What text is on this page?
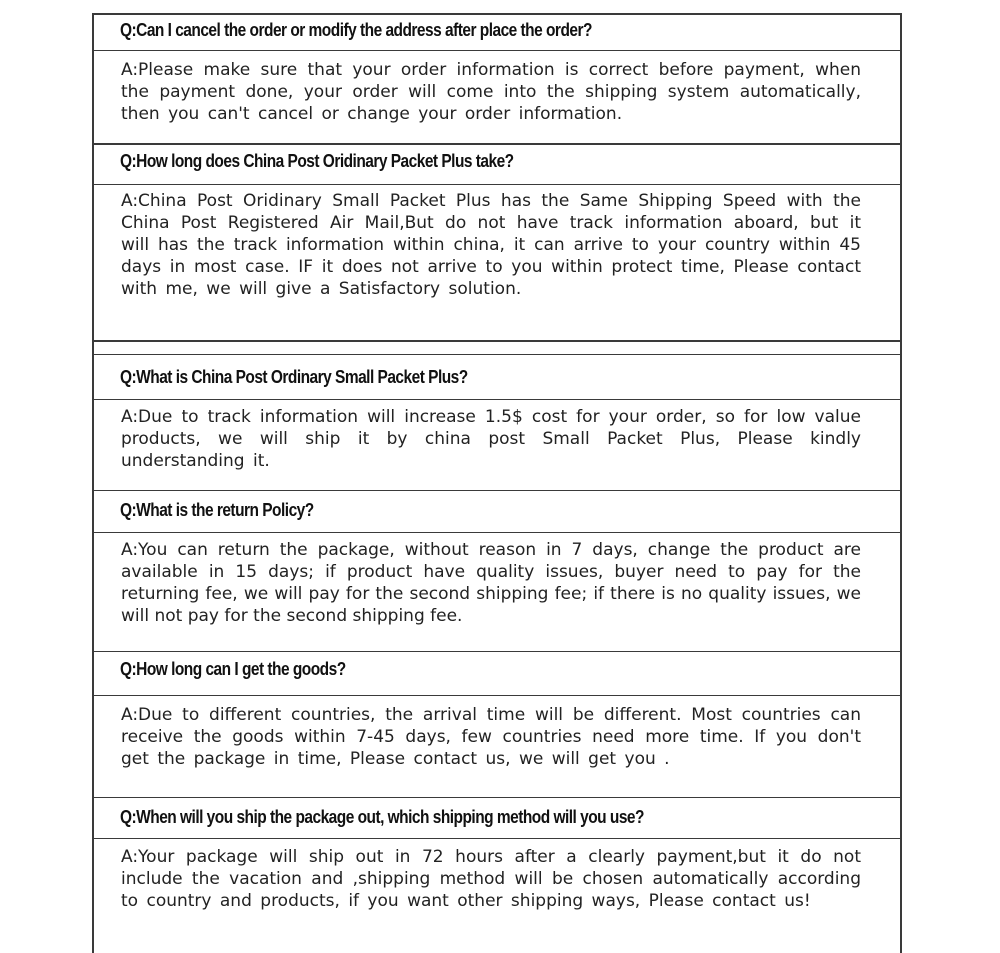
Q:Can I cancel the order or modify the address after place the order?
A:Please make sure that your order information is correct before payment, when the payment done, your order will come into the shipping system automatically, then you can't cancel or change your order information.
Q:How long does China Post Oridinary Packet Plus take?
A:China Post Oridinary Small Packet Plus has the Same Shipping Speed with the China Post Registered Air Mail,But do not have track information aboard, but it will has the track information within china, it can arrive to your country within 45 days in most case. IF it does not arrive to you within protect time, Please contact with me, we will give a Satisfactory solution.
Q:What is China Post Ordinary Small Packet Plus?
A:Due to track information will increase 1.5$ cost for your order, so for low value products, we will ship it by china post Small Packet Plus, Please kindly understanding it.
Q:What is the return Policy?
A:You can return the package, without reason in 7 days, change the product are available in 15 days; if product have quality issues, buyer need to pay for the returning fee, we will pay for the second shipping fee; if there is no quality issues, we will not pay for the second shipping fee.
Q:How long can I get the goods?
A:Due to different countries, the arrival time will be different. Most countries can receive the goods within 7-45 days, few countries need more time. If you don't get the package in time, Please contact us, we will get you .
Q:When will you ship the package out, which shipping method will you use?
A:Your package will ship out in 72 hours after a clearly payment,but it do not include the vacation and ,shipping method will be chosen automatically according to country and products, if you want other shipping ways, Please contact us!
